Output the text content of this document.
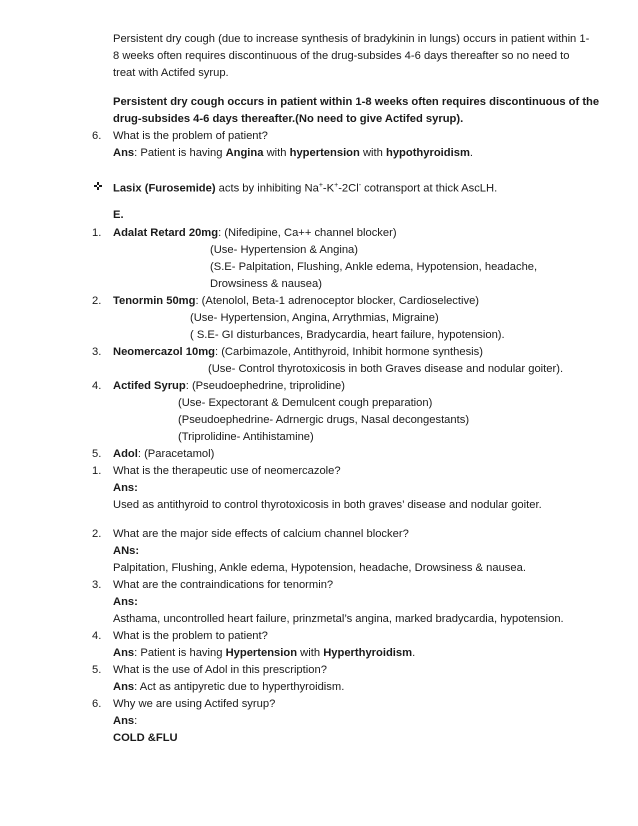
Persistent dry cough (due to increase synthesis of bradykinin in lungs) occurs in patient within 1-
8 weeks often requires discontinuous of the drug-subsides 4-6 days thereafter so no need to
treat with Actifed syrup.
Persistent dry cough occurs in patient within 1-8 weeks often requires discontinuous of the
drug-subsides 4-6 days thereafter.(No need to give Actifed syrup).
6. What is the problem of patient?
Ans: Patient is having Angina with hypertension with hypothyroidism.
Lasix (Furosemide) acts by inhibiting Na+-K+-2Cl- cotransport at thick AscLH.
E.
1. Adalat Retard 20mg: (Nifedipine, Ca++ channel blocker)
(Use- Hypertension & Angina)
(S.E- Palpitation, Flushing, Ankle edema, Hypotension, headache,
Drowsiness & nausea)
2. Tenormin 50mg: (Atenolol, Beta-1 adrenoceptor blocker, Cardioselective)
(Use- Hypertension, Angina, Arrythmias, Migraine)
( S.E- GI disturbances, Bradycardia, heart failure, hypotension).
3. Neomercazol 10mg: (Carbimazole, Antithyroid, Inhibit hormone synthesis)
(Use- Control thyrotoxicosis in both Graves disease and nodular goiter).
4. Actifed Syrup: (Pseudoephedrine, triprolidine)
(Use- Expectorant & Demulcent cough preparation)
(Pseudoephedrine- Adrnergic drugs, Nasal decongestants)
(Triprolidine- Antihistamine)
5. Adol: (Paracetamol)
1. What is the therapeutic use of neomercazole?
Ans:
Used as antithyroid to control thyrotoxicosis in both graves’ disease and nodular goiter.
2. What are the major side effects of calcium channel blocker?
ANs:
Palpitation, Flushing, Ankle edema, Hypotension, headache, Drowsiness & nausea.
3. What are the contraindications for tenormin?
Ans:
Asthama, uncontrolled heart failure, prinzmetal’s angina, marked bradycardia, hypotension.
4. What is the problem to patient?
Ans: Patient is having Hypertension with Hyperthyroidism.
5. What is the use of Adol in this prescription?
Ans: Act as antipyretic due to hyperthyroidism.
6. Why we are using Actifed syrup?
Ans:
COLD &FLU
